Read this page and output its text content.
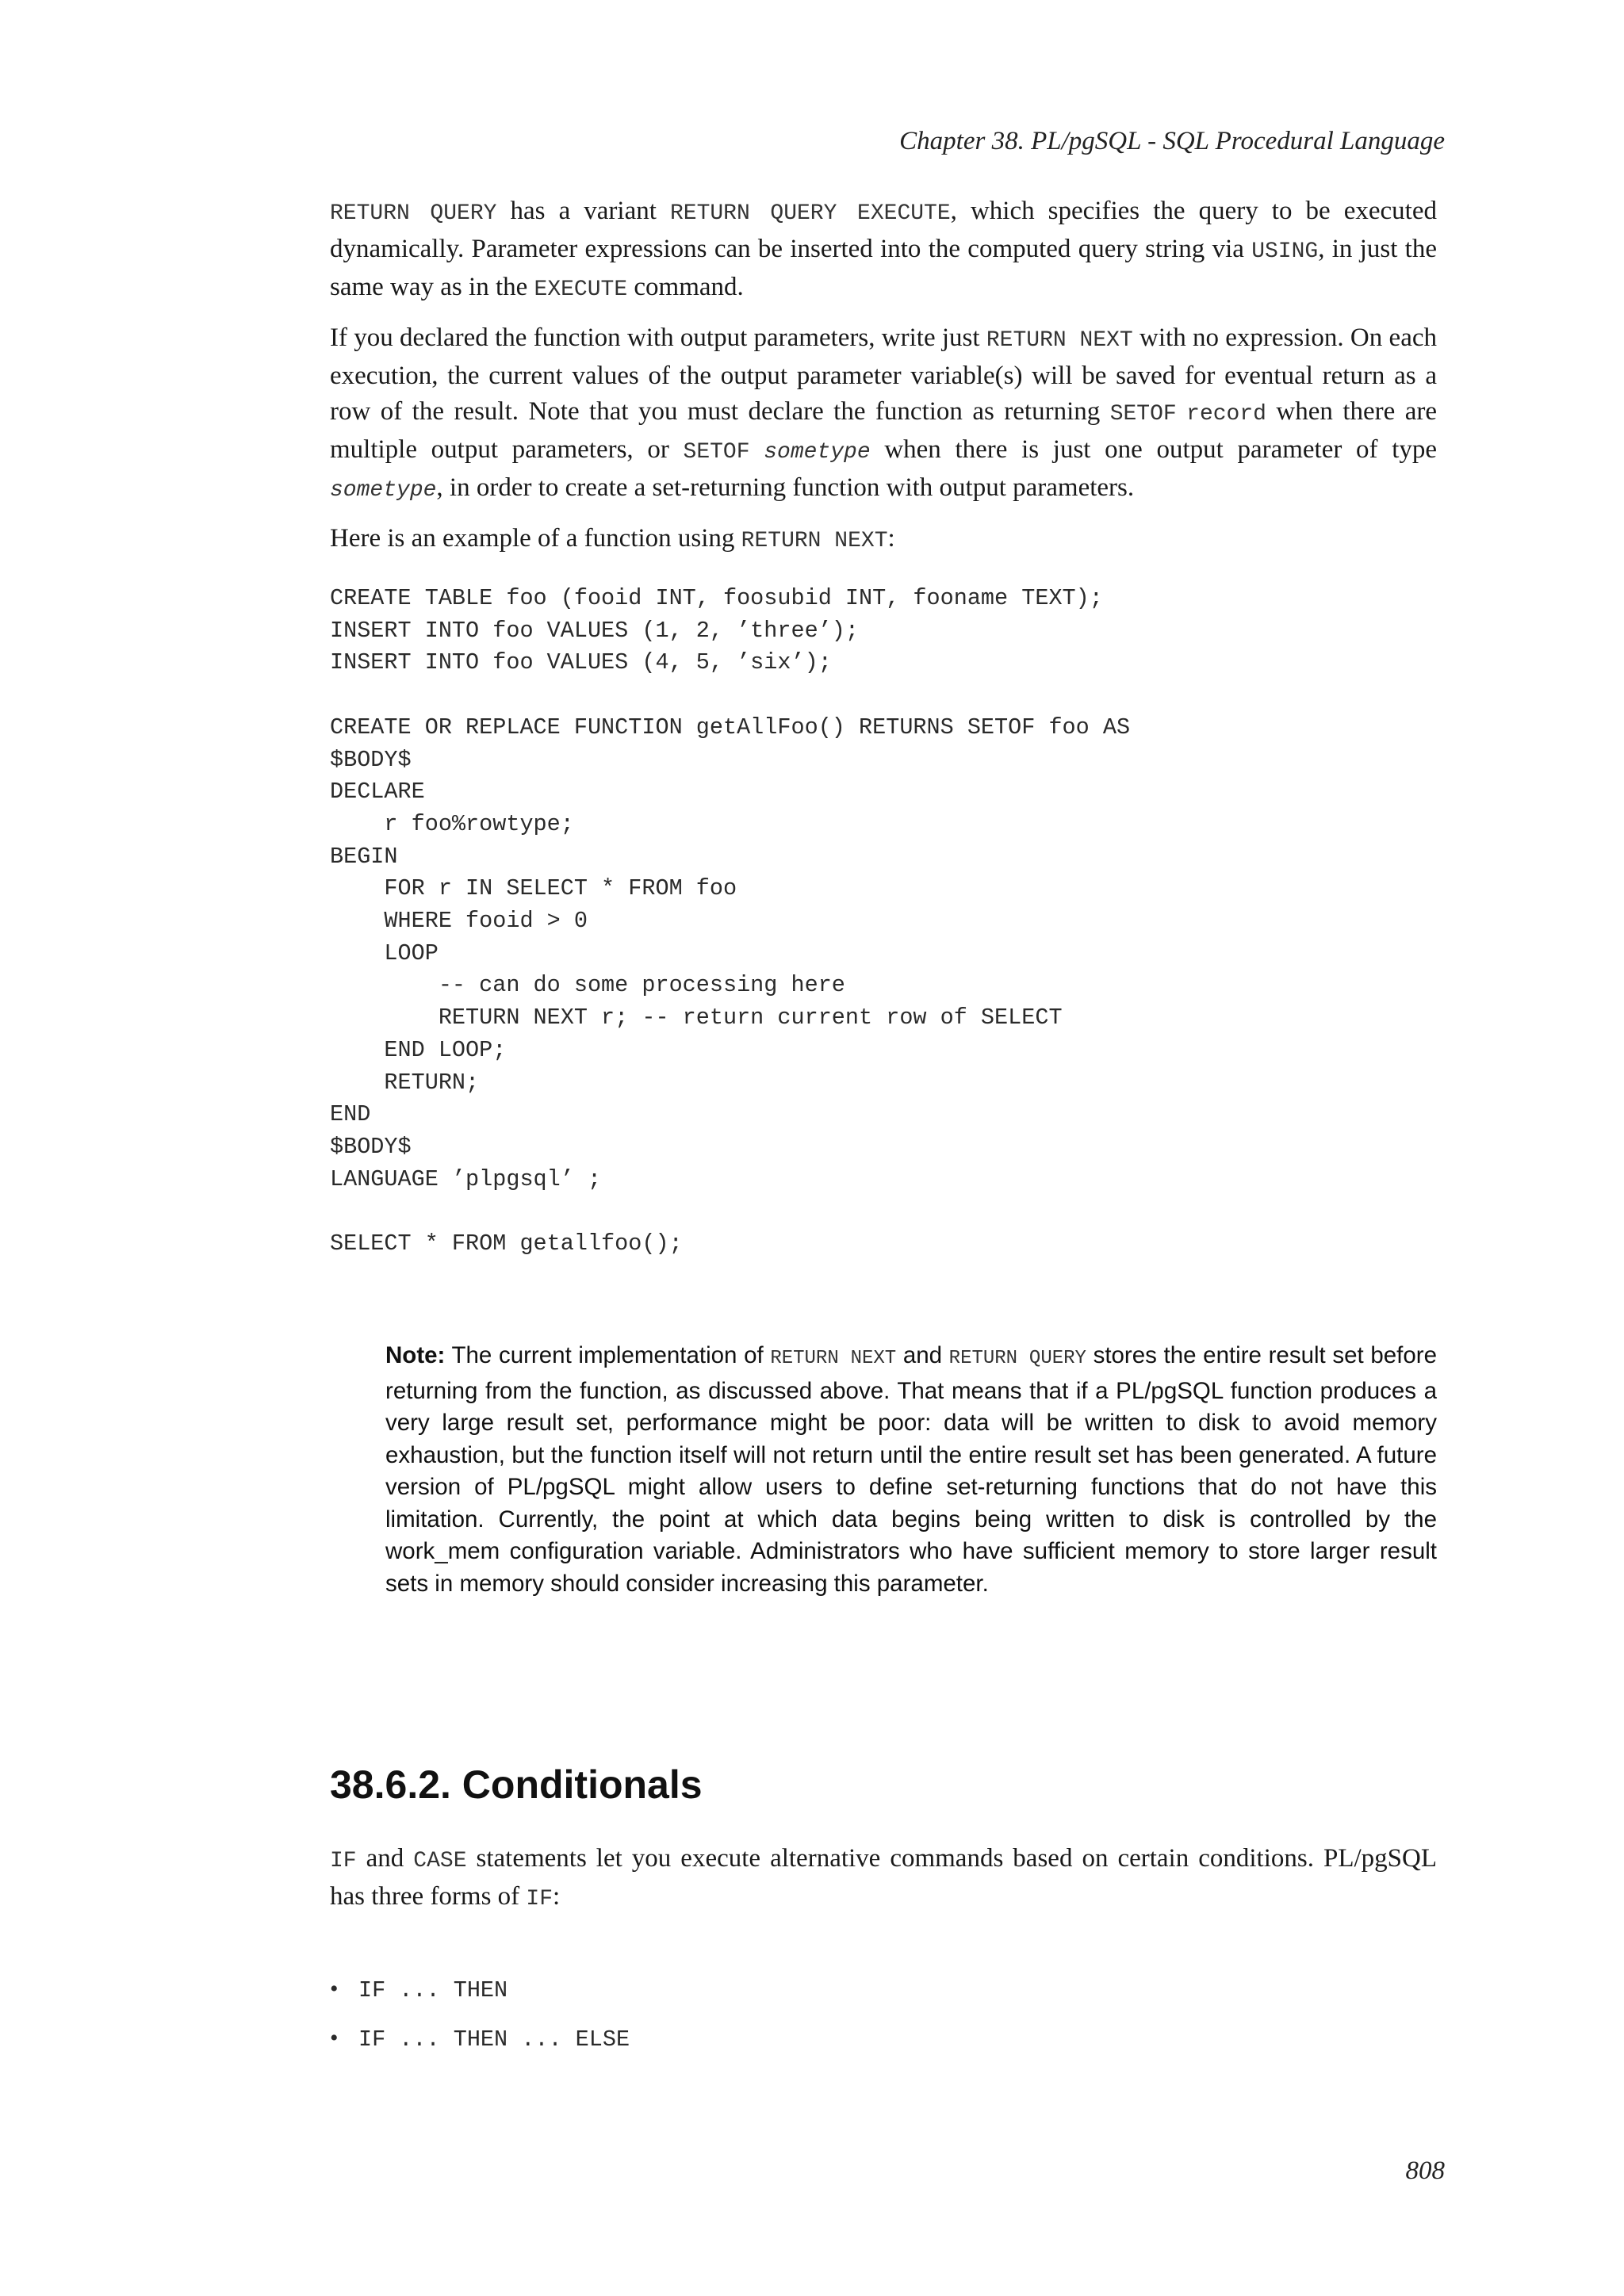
Chapter 38. PL/pgSQL - SQL Procedural Language

RETURN QUERY has a variant RETURN QUERY EXECUTE, which specifies the query to be executed dynamically. Parameter expressions can be inserted into the computed query string via USING, in just the same way as in the EXECUTE command.

If you declared the function with output parameters, write just RETURN NEXT with no expression. On each execution, the current values of the output parameter variable(s) will be saved for eventual return as a row of the result. Note that you must declare the function as returning SETOF record when there are multiple output parameters, or SETOF sometype when there is just one output parameter of type sometype, in order to create a set-returning function with output parameters.

Here is an example of a function using RETURN NEXT:

CREATE TABLE foo (fooid INT, foosubid INT, fooname TEXT);
INSERT INTO foo VALUES (1, 2, ’three’);
INSERT INTO foo VALUES (4, 5, ’six’);

CREATE OR REPLACE FUNCTION getAllFoo() RETURNS SETOF foo AS
$BODY$
DECLARE
r foo%rowtype;
BEGIN
FOR r IN SELECT * FROM foo
WHERE fooid > 0
LOOP
-- can do some processing here
RETURN NEXT r; -- return current row of SELECT
END LOOP;
RETURN;
END
$BODY$
LANGUAGE ’plpgsql’ ;

SELECT * FROM getallfoo();
Note: The current implementation of RETURN NEXT and RETURN QUERY stores the entire result set before returning from the function, as discussed above. That means that if a PL/pgSQL function produces a very large result set, performance might be poor: data will be written to disk to avoid memory exhaustion, but the function itself will not return until the entire result set has been generated. A future version of PL/pgSQL might allow users to define set-returning functions that do not have this limitation. Currently, the point at which data begins being written to disk is controlled by the work_mem configuration variable. Administrators who have sufficient memory to store larger result sets in memory should consider increasing this parameter.
38.6.2. Conditionals

IF and CASE statements let you execute alternative commands based on certain conditions. PL/pgSQL has three forms of IF:

• IF ... THEN
• IF ... THEN ... ELSE
808
